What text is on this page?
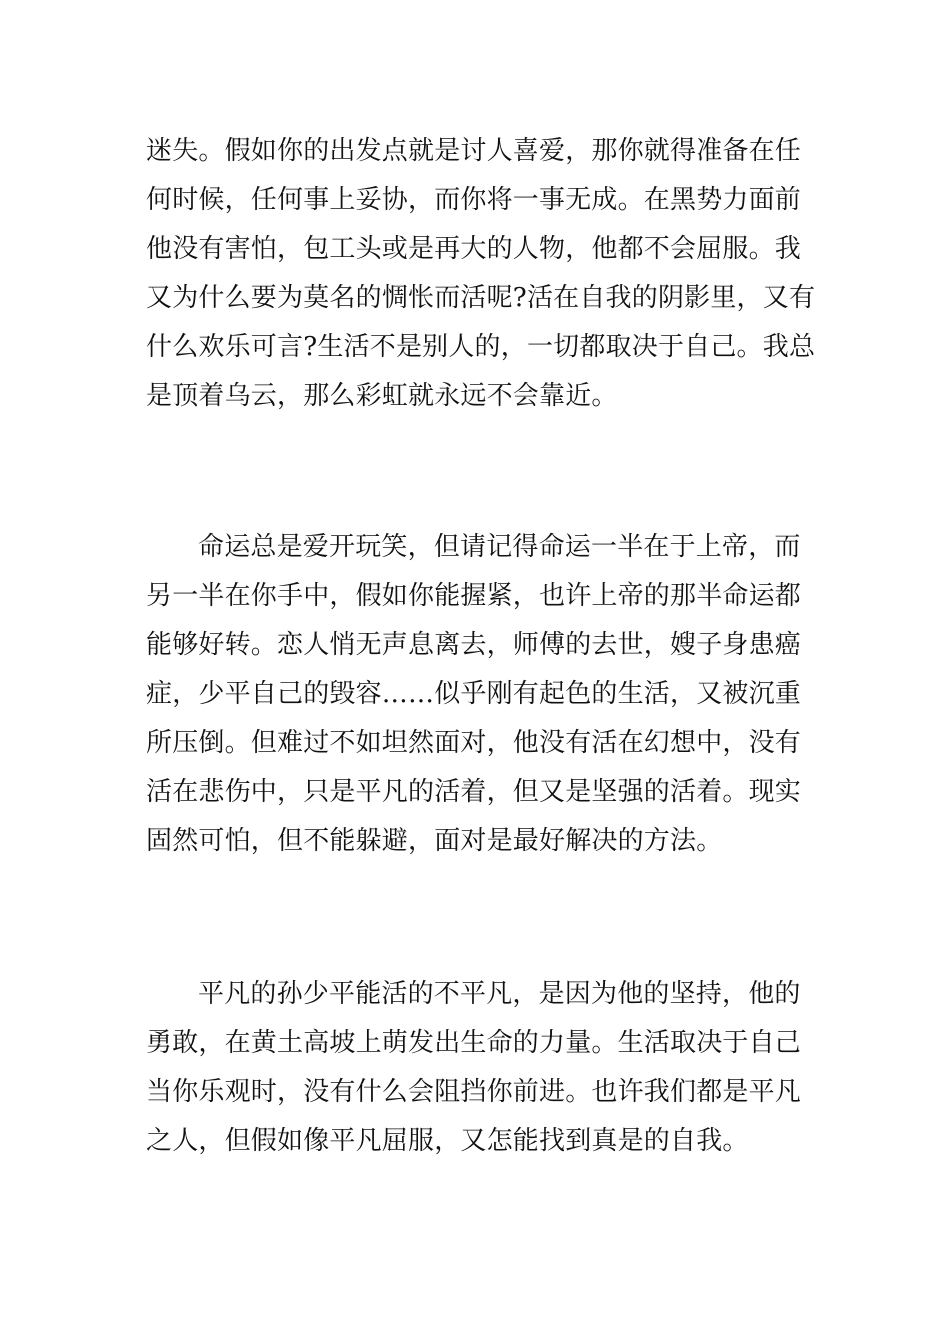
迷失。假如你的出发点就是讨人喜爱，那你就得准备在任
何时候，任何事上妥协，而你将一事无成。在黑势力面前
他没有害怕，包工头或是再大的人物，他都不会屈服。我
又为什么要为莫名的惆怅而活呢?活在自我的阴影里，又有
什么欢乐可言?生活不是别人的，一切都取决于自己。我总
是顶着乌云，那么彩虹就永远不会靠近。
命运总是爱开玩笑，但请记得命运一半在于上帝，而
另一半在你手中，假如你能握紧，也许上帝的那半命运都
能够好转。恋人悄无声息离去，师傅的去世，嫂子身患癌
症，少平自己的毁容……似乎刚有起色的生活，又被沉重
所压倒。但难过不如坦然面对，他没有活在幻想中，没有
活在悲伤中，只是平凡的活着，但又是坚强的活着。现实
固然可怕，但不能躲避，面对是最好解决的方法。
平凡的孙少平能活的不平凡，是因为他的坚持，他的
勇敢，在黄土高坡上萌发出生命的力量。生活取决于自己
当你乐观时，没有什么会阻挡你前进。也许我们都是平凡
之人，但假如像平凡屈服，又怎能找到真是的自我。
